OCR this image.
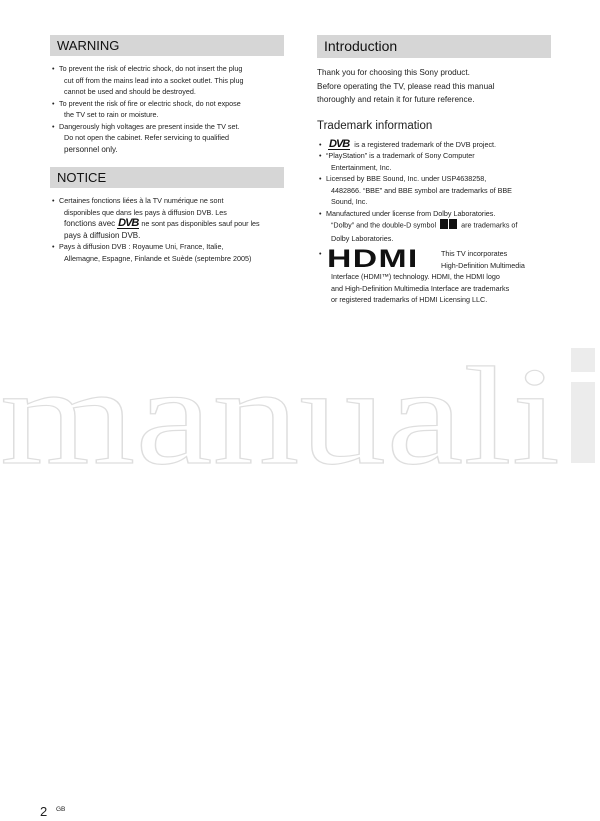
WARNING
• To prevent the risk of electric shock, do not insert the plug
cut off from the mains lead into a socket outlet. This plug
cannot be used and should be destroyed.
• To prevent the risk of fire or electric shock, do not expose
the TV set to rain or moisture.
• Dangerously high voltages are present inside the TV set.
Do not open the cabinet. Refer servicing to qualified
personnel only.
NOTICE
• Certaines fonctions liées à la TV numérique ne sont
disponibles que dans les pays à diffusion DVB. Les
fonctions avec DVB ne sont pas disponibles sauf pour les
pays à diffusion DVB.
• Pays à diffusion DVB : Royaume Uni, France, Italie,
Allemagne, Espagne, Finlande et Suède (septembre 2005)
Introduction
Thank you for choosing this Sony product.
Before operating the TV, please read this manual
thoroughly and retain it for future reference.
Trademark information
• DVB is a registered trademark of the DVB project.
• “PlayStation” is a trademark of Sony Computer
Entertainment, Inc.
• Licensed by BBE Sound, Inc. under USP4638258,
4482866. “BBE” and BBE symbol are trademarks of BBE
Sound, Inc.
• Manufactured under license from Dolby Laboratories.
“Dolby” and the double-D symbol	are trademarks of
Dolby Laboratories.
• HDMI	This TV incorporates
High-Definition Multimedia
Interface (HDMI™) technology. HDMI, the HDMI logo
and High-Definition Multimedia Interface are trademarks
or registered trademarks of HDMI Licensing LLC.
manuali
2 GB
